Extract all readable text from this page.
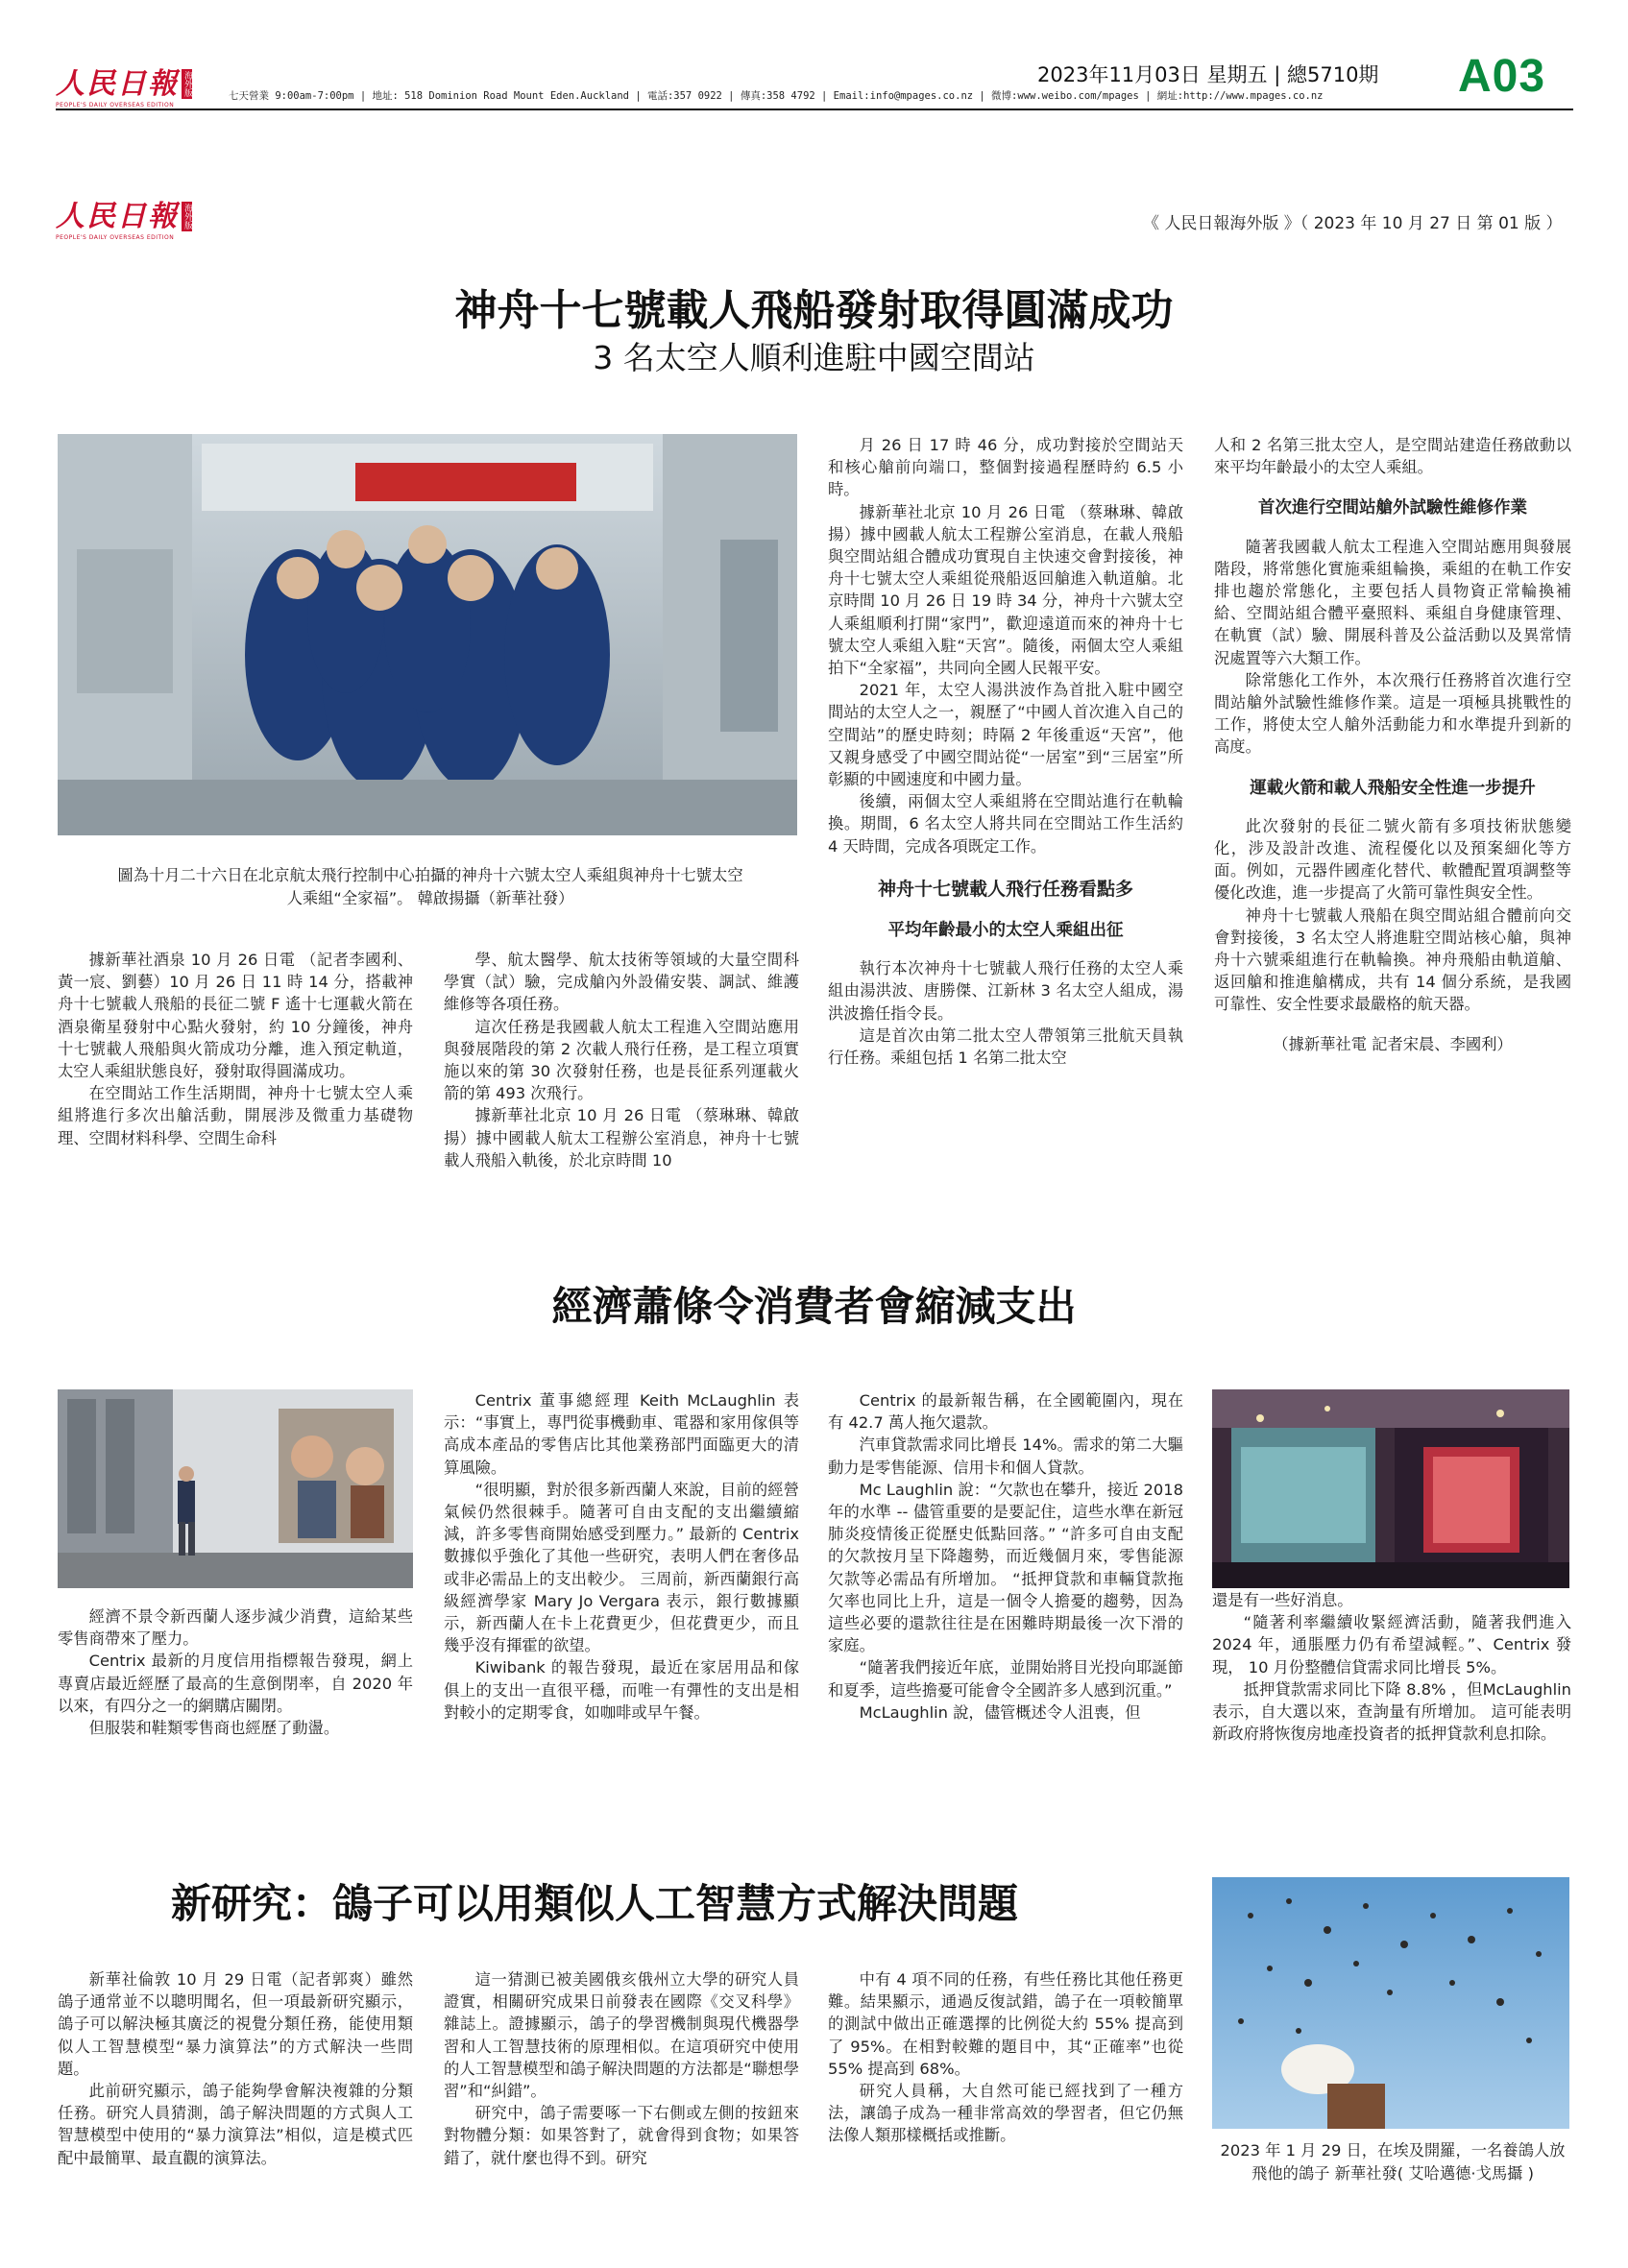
人民日報
PEOPLE'S DAILY OVERSEAS EDITION
海外版	七天營業 9:00am-7:00pm | 地址: 518 Dominion Road Mount Eden.Auckland | 電話:357 0922 | 傳真:358 4792 | Email:info@mpages.co.nz | 微博:www.weibo.com/mpages | 網址:http://www.mpages.co.nz
2023年11月03日 星期五 | 總5710期 A03
人民日報
PEOPLE'S DAILY OVERSEAS EDITION
海外版	《 人民日報海外版 》（ 2023 年 10 月 27 日 第 01 版 ）
神舟十七號載人飛船發射取得圓滿成功
3 名太空人順利進駐中國空間站
圖為十月二十六日在北京航太飛行控制中心拍攝的神舟十六號太空人乘組與神舟十七號太空人乘組“全家福”。 韓啟揚攝（新華社發）

據新華社酒泉 10 月 26 日電 （記者李國利、黃一宸、劉藝）10 月 26 日 11 時 14 分，搭載神舟十七號載人飛船的長征二號 F 遙十七運載火箭在酒泉衛星發射中心點火發射，約 10 分鐘後，神舟十七號載人飛船與火箭成功分離，進入預定軌道，太空人乘組狀態良好，發射取得圓滿成功。

在空間站工作生活期間，神舟十七號太空人乘組將進行多次出艙活動，開展涉及微重力基礎物理、空間材料科學、空間生命科

學、航太醫學、航太技術等領域的大量空間科學實（試）驗，完成艙內外設備安裝、調試、維護維修等各項任務。

這次任務是我國載人航太工程進入空間站應用與發展階段的第 2 次載人飛行任務，是工程立項實施以來的第 30 次發射任務，也是長征系列運載火箭的第 493 次飛行。

據新華社北京 10 月 26 日電 （蔡琳琳、韓啟揚）據中國載人航太工程辦公室消息，神舟十七號載人飛船入軌後，於北京時間 10

月 26 日 17 時 46 分，成功對接於空間站天和核心艙前向端口，整個對接過程歷時約 6.5 小時。

據新華社北京 10 月 26 日電 （蔡琳琳、韓啟揚）據中國載人航太工程辦公室消息，在載人飛船與空間站組合體成功實現自主快速交會對接後，神舟十七號太空人乘組從飛船返回艙進入軌道艙。北京時間 10 月 26 日 19 時 34 分，神舟十六號太空人乘組順利打開“家門”，歡迎遠道而來的神舟十七號太空人乘組入駐“天宮”。隨後，兩個太空人乘組拍下“全家福”，共同向全國人民報平安。

2021 年，太空人湯洪波作為首批入駐中國空間站的太空人之一，親歷了“中國人首次進入自己的空間站”的歷史時刻；時隔 2 年後重返“天宮”，他又親身感受了中國空間站從“一居室”到“三居室”所彰顯的中國速度和中國力量。

後續，兩個太空人乘組將在空間站進行在軌輪換。期間，6 名太空人將共同在空間站工作生活約 4 天時間，完成各項既定工作。

神舟十七號載人飛行任務看點多

平均年齡最小的太空人乘組出征

執行本次神舟十七號載人飛行任務的太空人乘組由湯洪波、唐勝傑、江新林 3 名太空人組成，湯洪波擔任指令長。

這是首次由第二批太空人帶領第三批航天員執行任務。乘組包括 1 名第二批太空

人和 2 名第三批太空人，是空間站建造任務啟動以來平均年齡最小的太空人乘組。

首次進行空間站艙外試驗性維修作業

隨著我國載人航太工程進入空間站應用與發展階段，將常態化實施乘組輪換，乘組的在軌工作安排也趨於常態化，主要包括人員物資正常輪換補給、空間站組合體平臺照料、乘組自身健康管理、在軌實（試）驗、開展科普及公益活動以及異常情況處置等六大類工作。

除常態化工作外，本次飛行任務將首次進行空間站艙外試驗性維修作業。這是一項極具挑戰性的工作，將使太空人艙外活動能力和水準提升到新的高度。

運載火箭和載人飛船安全性進一步提升

此次發射的長征二號火箭有多項技術狀態變化，涉及設計改進、流程優化以及預案細化等方面。例如，元器件國產化替代、軟體配置項調整等優化改進，進一步提高了火箭可靠性與安全性。

神舟十七號載人飛船在與空間站組合體前向交會對接後，3 名太空人將進駐空間站核心艙，與神舟十六號乘組進行在軌輪換。神舟飛船由軌道艙、返回艙和推進艙構成，共有 14 個分系統，是我國可靠性、安全性要求最嚴格的航天器。

（據新華社電 記者宋晨、李國利）

經濟蕭條令消費者會縮減支出

經濟不景令新西蘭人逐步減少消費，這給某些零售商帶來了壓力。

Centrix 最新的月度信用指標報告發現，網上專賣店最近經歷了最高的生意倒閉率，自 2020 年以來，有四分之一的網購店關閉。

但服裝和鞋類零售商也經歷了動盪。

Centrix 董事總經理 Keith McLaughlin 表示：“事實上，專門從事機動車、電器和家用傢俱等高成本產品的零售店比其他業務部門面臨更大的清算風險。

“很明顯，對於很多新西蘭人來說，目前的經營氣候仍然很棘手。隨著可自由支配的支出繼續縮減，許多零售商開始感受到壓力。” 最新的 Centrix 數據似乎強化了其他一些研究，表明人們在奢侈品或非必需品上的支出較少。 三周前，新西蘭銀行高級經濟學家 Mary Jo Vergara 表示，銀行數據顯示，新西蘭人在卡上花費更少，但花費更少，而且幾乎沒有揮霍的欲望。

Kiwibank 的報告發現，最近在家居用品和傢俱上的支出一直很平穩，而唯一有彈性的支出是相對較小的定期零食，如咖啡或早午餐。

Centrix 的最新報告稱，在全國範圍內，現在有 42.7 萬人拖欠還款。

汽車貸款需求同比增長 14%。需求的第二大驅動力是零售能源、信用卡和個人貸款。

Mc Laughlin 說：“欠款也在攀升，接近 2018 年的水準 -- 儘管重要的是要記住，這些水準在新冠肺炎疫情後正從歷史低點回落。” “許多可自由支配的欠款按月呈下降趨勢，而近幾個月來，零售能源欠款等必需品有所增加。 “抵押貸款和車輛貸款拖欠率也同比上升，這是一個令人擔憂的趨勢，因為這些必要的還款往往是在困難時期最後一次下滑的家庭。

“隨著我們接近年底，並開始將目光投向耶誕節和夏季，這些擔憂可能會令全國許多人感到沉重。”

McLaughlin 說，儘管概述令人沮喪，但

還是有一些好消息。

“隨著利率繼續收緊經濟活動，隨著我們進入 2024 年，通脹壓力仍有希望減輕。”、Centrix 發現， 10 月份整體信貸需求同比增長 5%。

抵押貸款需求同比下降 8.8% ，但McLaughlin 表示，自大選以來，查詢量有所增加。 這可能表明新政府將恢復房地產投資者的抵押貸款利息扣除。

新研究：鴿子可以用類似人工智慧方式解決問題

新華社倫敦 10 月 29 日電（記者郭爽）雖然鴿子通常並不以聰明聞名，但一項最新研究顯示，鴿子可以解決極其廣泛的視覺分類任務，能使用類似人工智慧模型“暴力演算法”的方式解決一些問題。

此前研究顯示，鴿子能夠學會解決複雜的分類任務。研究人員猜測，鴿子解決問題的方式與人工智慧模型中使用的“暴力演算法”相似，這是模式匹配中最簡單、最直觀的演算法。

這一猜測已被美國俄亥俄州立大學的研究人員證實，相關研究成果日前發表在國際《交叉科學》雜誌上。證據顯示，鴿子的學習機制與現代機器學習和人工智慧技術的原理相似。在這項研究中使用的人工智慧模型和鴿子解決問題的方法都是“聯想學習”和“糾錯”。

研究中，鴿子需要啄一下右側或左側的按鈕來對物體分類：如果答對了，就會得到食物；如果答錯了，就什麼也得不到。研究

中有 4 項不同的任務，有些任務比其他任務更難。結果顯示，通過反復試錯，鴿子在一項較簡單的測試中做出正確選擇的比例從大約 55% 提高到了 95%。在相對較難的題目中，其“正確率”也從 55% 提高到 68%。

研究人員稱，大自然可能已經找到了一種方法，讓鴿子成為一種非常高效的學習者，但它仍無法像人類那樣概括或推斷。

2023 年 1 月 29 日，在埃及開羅，一名養鴿人放飛他的鴿子 新華社發( 艾哈邁德·戈馬攝 )
